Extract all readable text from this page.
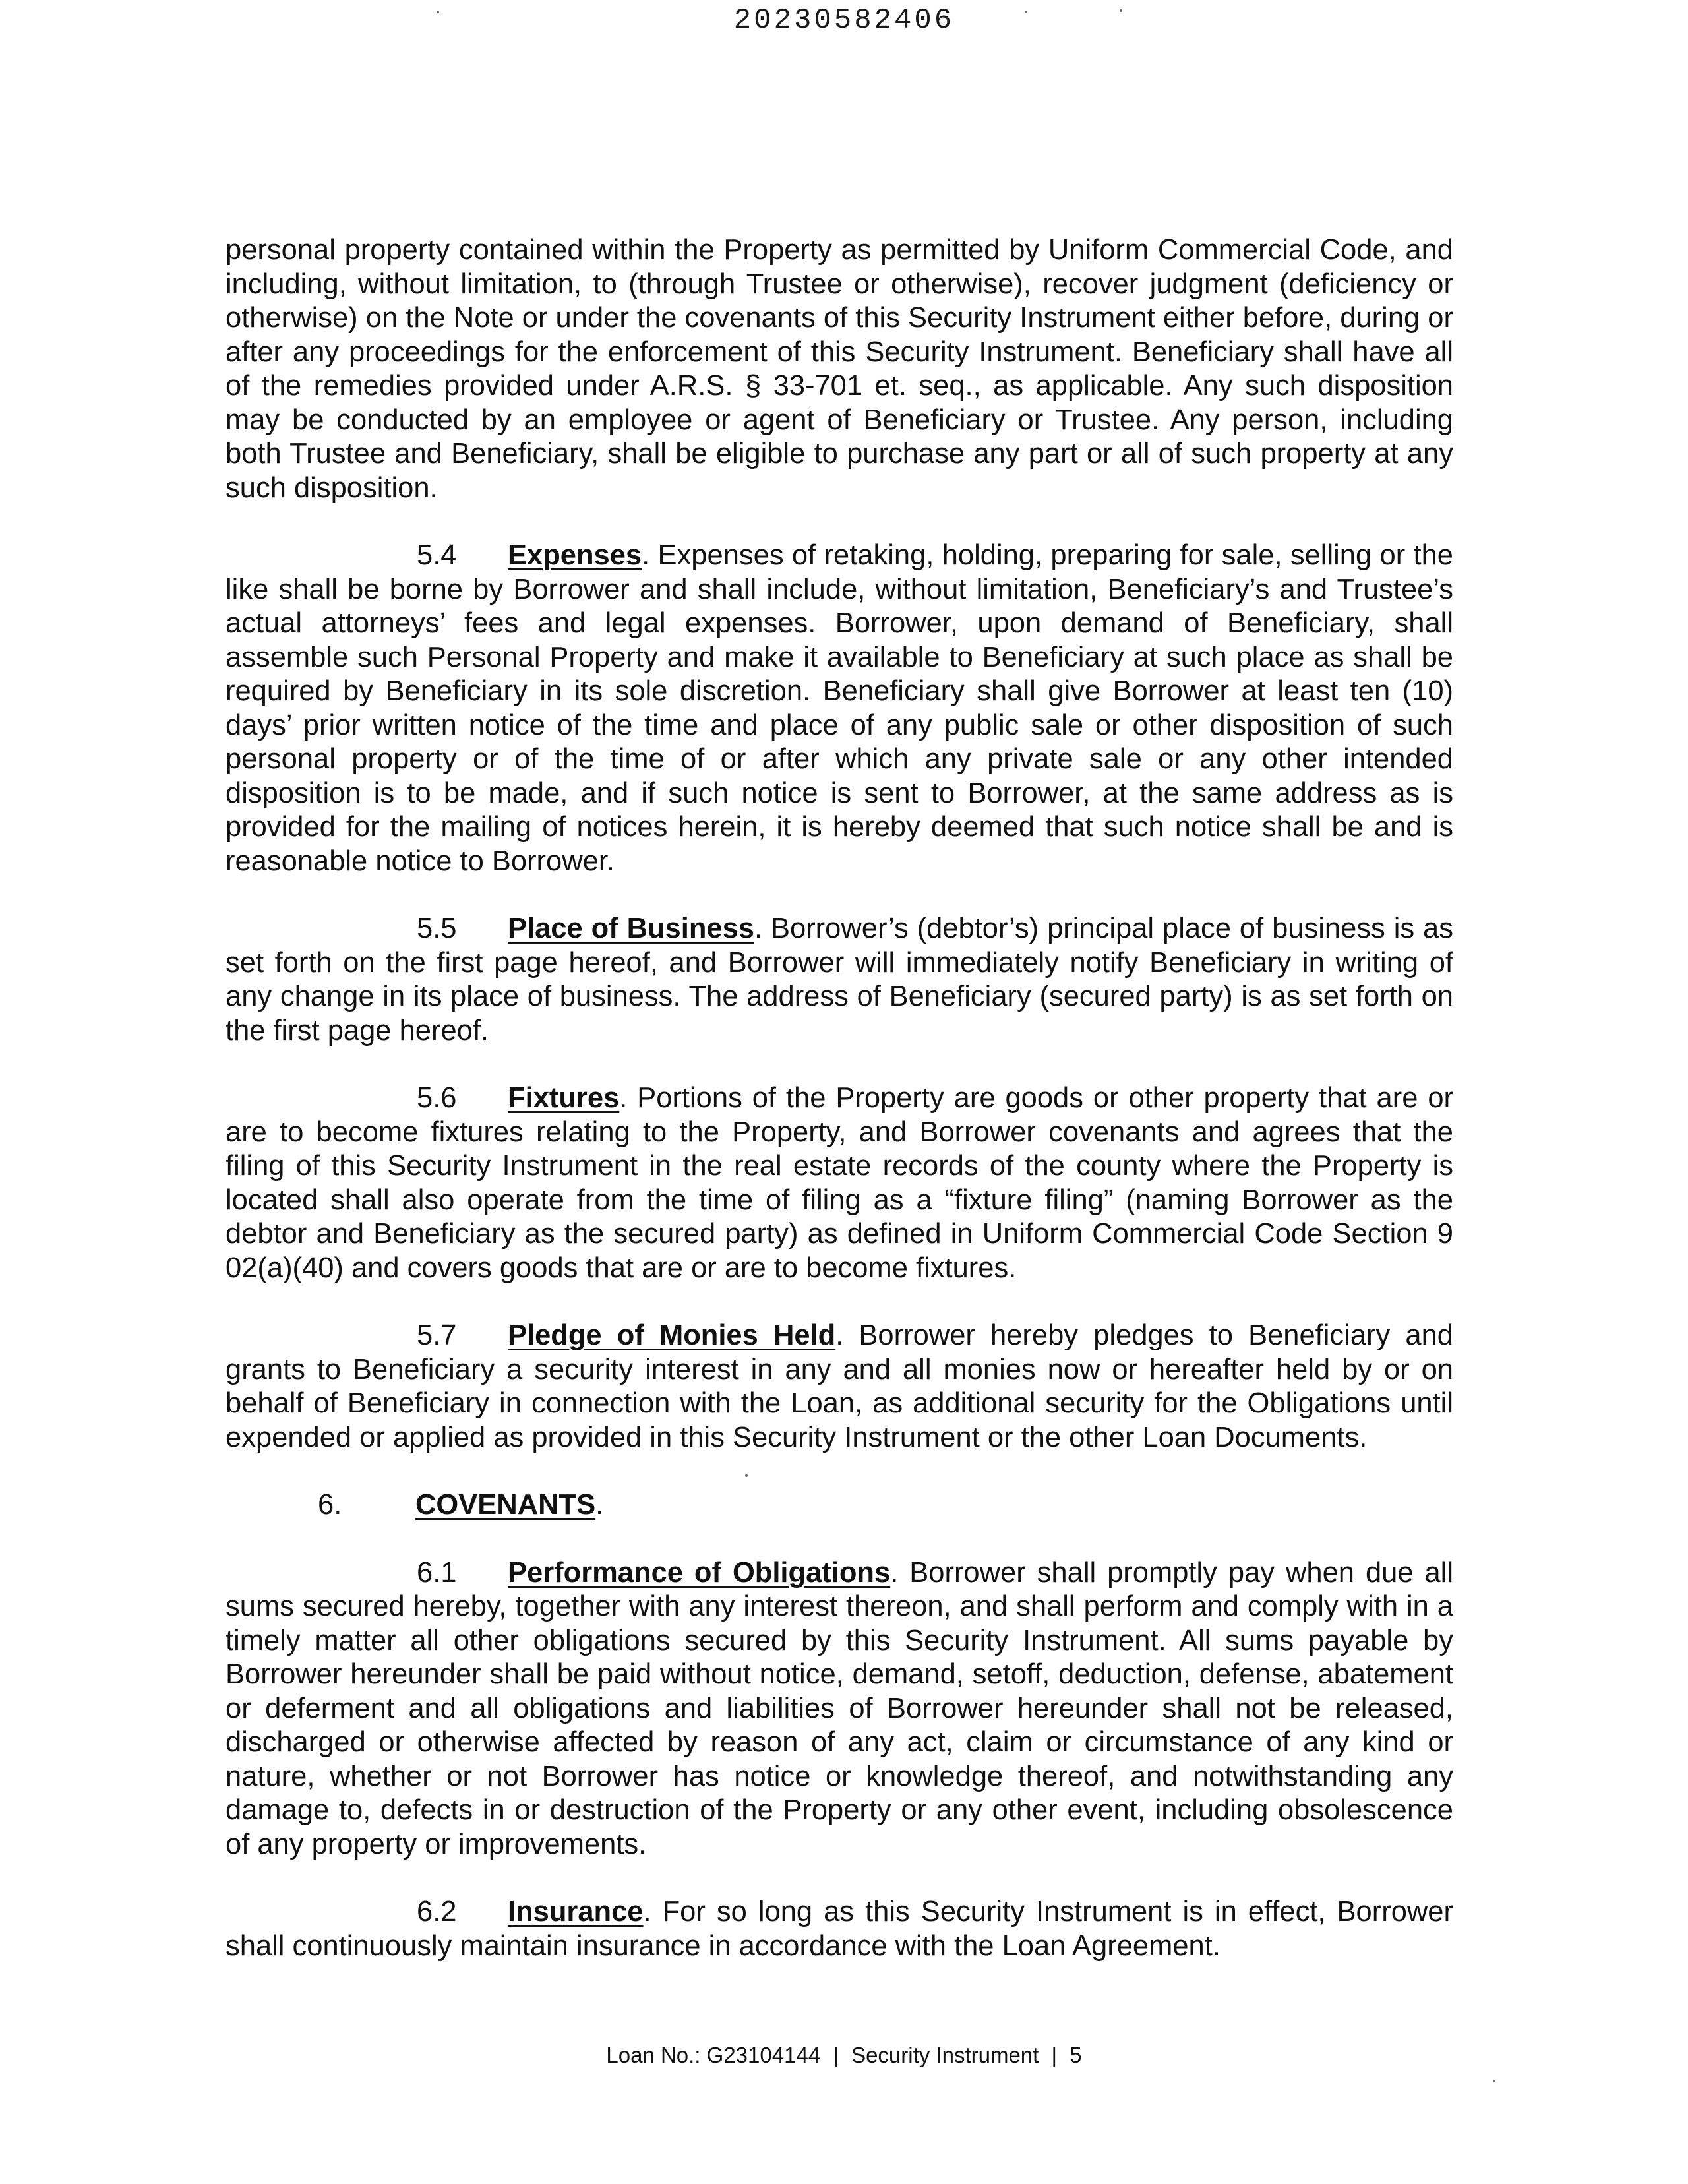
20230582406

personal property contained within the Property as permitted by Uniform Commercial Code, and including, without limitation, to (through Trustee or otherwise), recover judgment (deficiency or otherwise) on the Note or under the covenants of this Security Instrument either before, during or after any proceedings for the enforcement of this Security Instrument. Beneficiary shall have all of the remedies provided under A.R.S. § 33-701 et. seq., as applicable. Any such disposition may be conducted by an employee or agent of Beneficiary or Trustee. Any person, including both Trustee and Beneficiary, shall be eligible to purchase any part or all of such property at any such disposition.

5.4 Expenses. Expenses of retaking, holding, preparing for sale, selling or the like shall be borne by Borrower and shall include, without limitation, Beneficiary’s and Trustee’s actual attorneys’ fees and legal expenses. Borrower, upon demand of Beneficiary, shall assemble such Personal Property and make it available to Beneficiary at such place as shall be required by Beneficiary in its sole discretion. Beneficiary shall give Borrower at least ten (10) days’ prior written notice of the time and place of any public sale or other disposition of such personal property or of the time of or after which any private sale or any other intended disposition is to be made, and if such notice is sent to Borrower, at the same address as is provided for the mailing of notices herein, it is hereby deemed that such notice shall be and is reasonable notice to Borrower.

5.5 Place of Business. Borrower’s (debtor’s) principal place of business is as set forth on the first page hereof, and Borrower will immediately notify Beneficiary in writing of any change in its place of business. The address of Beneficiary (secured party) is as set forth on the first page hereof.

5.6 Fixtures. Portions of the Property are goods or other property that are or are to become fixtures relating to the Property, and Borrower covenants and agrees that the filing of this Security Instrument in the real estate records of the county where the Property is located shall also operate from the time of filing as a “fixture filing” (naming Borrower as the debtor and Beneficiary as the secured party) as defined in Uniform Commercial Code Section 9 02(a)(40) and covers goods that are or are to become fixtures.

5.7 Pledge of Monies Held. Borrower hereby pledges to Beneficiary and grants to Beneficiary a security interest in any and all monies now or hereafter held by or on behalf of Beneficiary in connection with the Loan, as additional security for the Obligations until expended or applied as provided in this Security Instrument or the other Loan Documents.

6.	COVENANTS.

6.1 Performance of Obligations. Borrower shall promptly pay when due all sums secured hereby, together with any interest thereon, and shall perform and comply with in a timely matter all other obligations secured by this Security Instrument. All sums payable by Borrower hereunder shall be paid without notice, demand, setoff, deduction, defense, abatement or deferment and all obligations and liabilities of Borrower hereunder shall not be released, discharged or otherwise affected by reason of any act, claim or circumstance of any kind or nature, whether or not Borrower has notice or knowledge thereof, and notwithstanding any damage to, defects in or destruction of the Property or any other event, including obsolescence of any property or improvements.

6.2 Insurance. For so long as this Security Instrument is in effect, Borrower shall continuously maintain insurance in accordance with the Loan Agreement.

Loan No.: G23104144 | Security Instrument | 5
